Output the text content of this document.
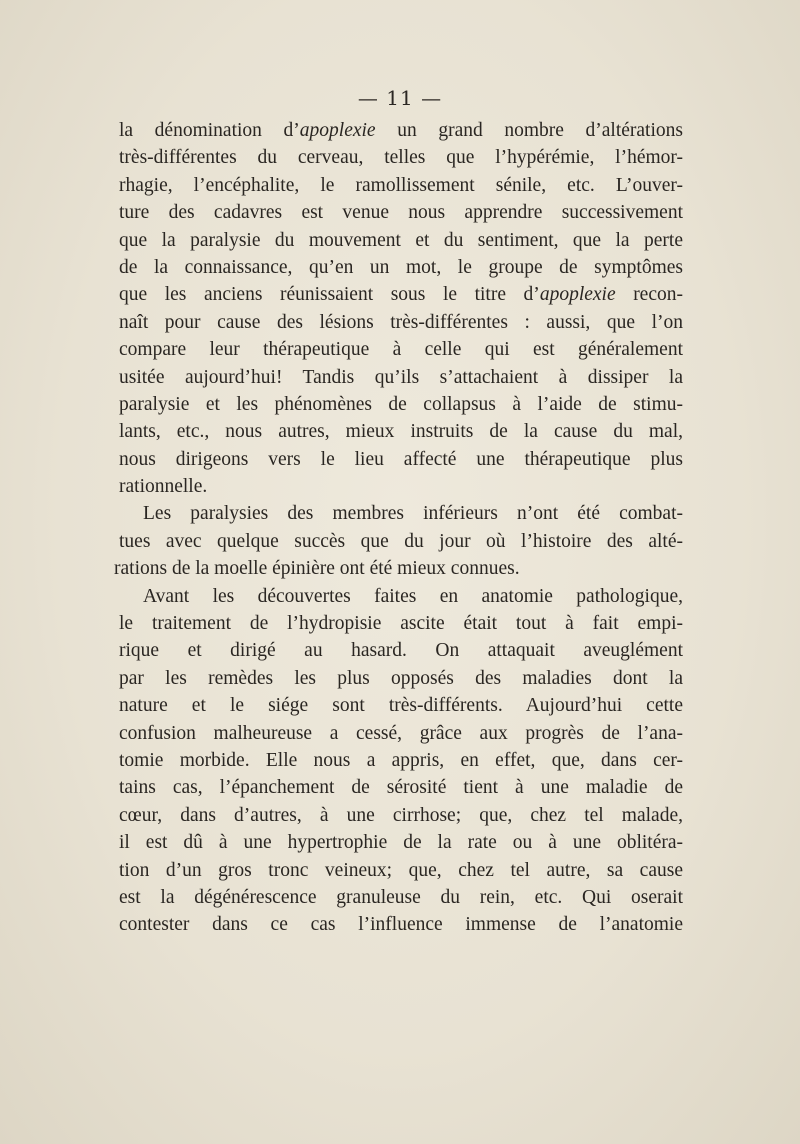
— 11 —
la dénomination d’apoplexie un grand nombre d’altérations
très-différentes du cerveau, telles que l’hypérémie, l’hémor-
rhagie, l’encéphalite, le ramollissement sénile, etc. L’ouver-
ture des cadavres est venue nous apprendre successivement
que la paralysie du mouvement et du sentiment, que la perte
de la connaissance, qu’en un mot, le groupe de symptômes
que les anciens réunissaient sous le titre d’apoplexie recon-
naît pour cause des lésions très-différentes : aussi, que l’on
compare leur thérapeutique à celle qui est généralement
usitée aujourd’hui! Tandis qu’ils s’attachaient à dissiper la
paralysie et les phénomènes de collapsus à l’aide de stimu-
lants, etc., nous autres, mieux instruits de la cause du mal,
nous dirigeons vers le lieu affecté une thérapeutique plus
rationnelle.
Les paralysies des membres inférieurs n’ont été combat-
tues avec quelque succès que du jour où l’histoire des alté-
rations de la moelle épinière ont été mieux connues.
Avant les découvertes faites en anatomie pathologique,
le traitement de l’hydropisie ascite était tout à fait empi-
rique et dirigé au hasard. On attaquait aveuglément
par les remèdes les plus opposés des maladies dont la
nature et le siége sont très-différents. Aujourd’hui cette
confusion malheureuse a cessé, grâce aux progrès de l’ana-
tomie morbide. Elle nous a appris, en effet, que, dans cer-
tains cas, l’épanchement de sérosité tient à une maladie de
cœur, dans d’autres, à une cirrhose; que, chez tel malade,
il est dû à une hypertrophie de la rate ou à une oblitéra-
tion d’un gros tronc veineux; que, chez tel autre, sa cause
est la dégénérescence granuleuse du rein, etc. Qui oserait
contester dans ce cas l’influence immense de l’anatomie
